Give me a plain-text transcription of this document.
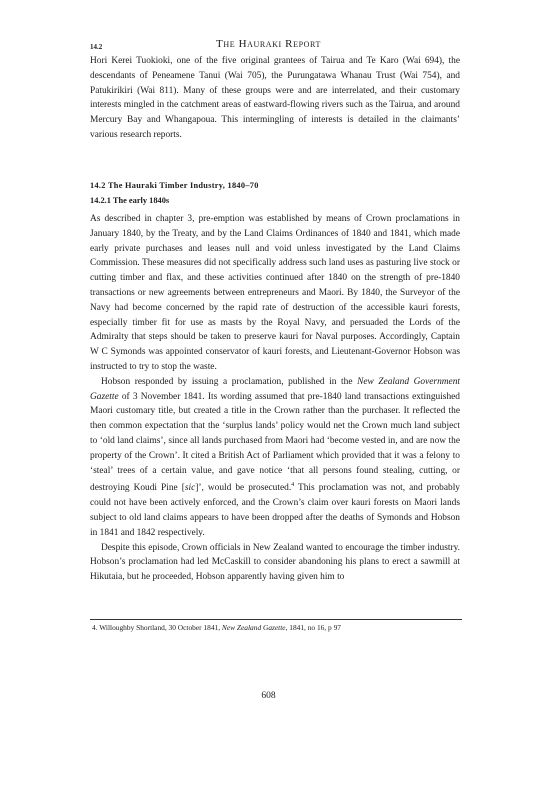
The Hauraki Report
14.2

Hori Kerei Tuokioki, one of the five original grantees of Tairua and Te Karo (Wai 694), the descendants of Peneamene Tanui (Wai 705), the Purungatawa Whanau Trust (Wai 754), and Patukirikiri (Wai 811). Many of these groups were and are interrelated, and their customary interests mingled in the catchment areas of eastward-flowing rivers such as the Tairua, and around Mercury Bay and Whangapoua. This intermingling of interests is detailed in the claimants’ various research reports.

14.2 The Hauraki Timber Industry, 1840–70
14.2.1 The early 1840s

As described in chapter 3, pre-emption was established by means of Crown proclamations in January 1840, by the Treaty, and by the Land Claims Ordinances of 1840 and 1841, which made early private purchases and leases null and void unless investigated by the Land Claims Commission. These measures did not specifically address such land uses as pasturing live stock or cutting timber and flax, and these activities continued after 1840 on the strength of pre-1840 transactions or new agreements between entrepreneurs and Maori. By 1840, the Surveyor of the Navy had become concerned by the rapid rate of destruction of the accessible kauri forests, especially timber fit for use as masts by the Royal Navy, and persuaded the Lords of the Admiralty that steps should be taken to preserve kauri for Naval purposes. Accordingly, Captain W C Symonds was appointed conservator of kauri forests, and Lieutenant-Governor Hobson was instructed to try to stop the waste.

Hobson responded by issuing a proclamation, published in the New Zealand Government Gazette of 3 November 1841. Its wording assumed that pre-1840 land transactions extinguished Maori customary title, but created a title in the Crown rather than the purchaser. It reflected the then common expectation that the ‘surplus lands’ policy would net the Crown much land subject to ‘old land claims’, since all lands purchased from Maori had ‘become vested in, and are now the property of the Crown’. It cited a British Act of Parliament which provided that it was a felony to ‘steal’ trees of a certain value, and gave notice ‘that all persons found stealing, cutting, or destroying Koudi Pine [sic]’, would be prosecuted.$^4$ This proclamation was not, and probably could not have been actively enforced, and the Crown’s claim over kauri forests on Maori lands subject to old land claims appears to have been dropped after the deaths of Symonds and Hobson in 1841 and 1842 respectively.

Despite this episode, Crown officials in New Zealand wanted to encourage the timber industry. Hobson’s proclamation had led McCaskill to consider abandoning his plans to erect a sawmill at Hikutaia, but he proceeded, Hobson apparently having given him to

4. Willoughby Shortland, 30 October 1841, New Zealand Gazette, 1841, no 16, p 97

608
